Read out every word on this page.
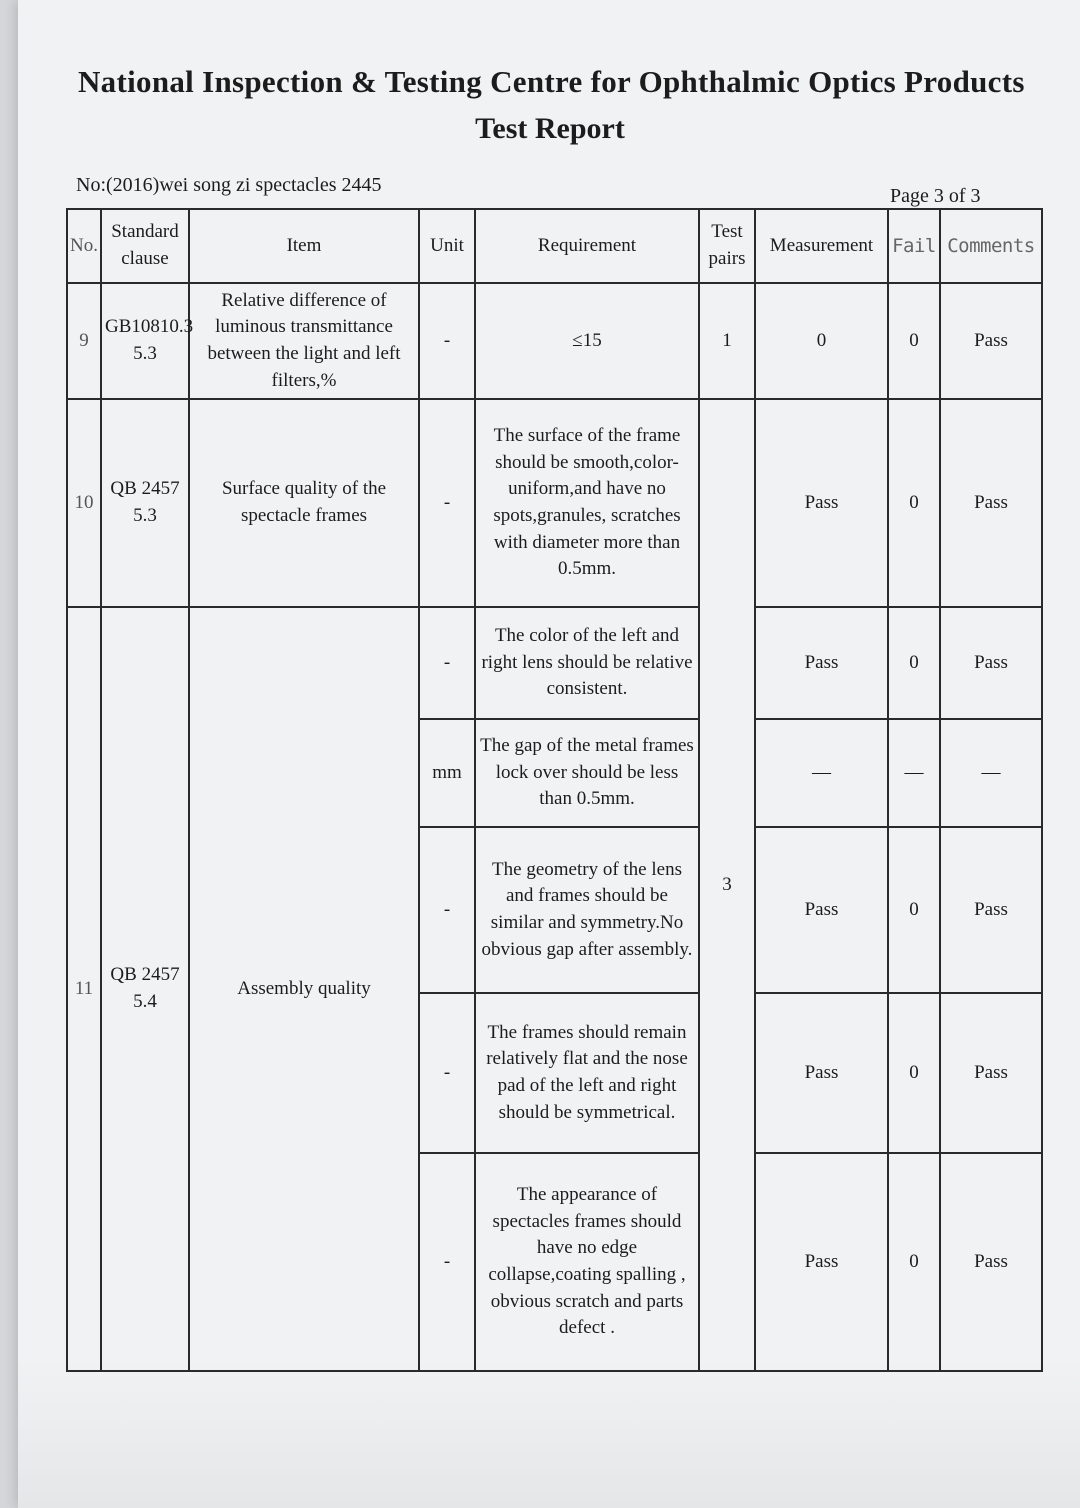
National Inspection & Testing Centre for Ophthalmic Optics Products
Test Report
No:(2016)wei song zi spectacles 2445	Page 3 of 3
No.	Standard clause	Item	Unit	Requirement	Test pairs	Measurement	Fail	Comments
9	GB10810.3 5.3	Relative difference of luminous transmittance between the light and left filters,%	-	≤15	1	0	0	Pass
10	QB 2457 5.3	Surface quality of the spectacle frames	-	The surface of the frame should be smooth,color-uniform,and have no spots,granules, scratches with diameter more than 0.5mm.	3	Pass	0	Pass
11	QB 2457 5.4	Assembly quality	-	The color of the left and right lens should be relative consistent.		Pass	0	Pass
			mm	The gap of the metal frames lock over should be less than 0.5mm.		—	—	—
			-	The geometry of the lens and frames should be similar and symmetry.No obvious gap after assembly.		Pass	0	Pass
			-	The frames should remain relatively flat and the nose pad of the left and right should be symmetrical.		Pass	0	Pass
			-	The appearance of spectacles frames should have no edge collapse,coating spalling , obvious scratch and parts defect .		Pass	0	Pass
